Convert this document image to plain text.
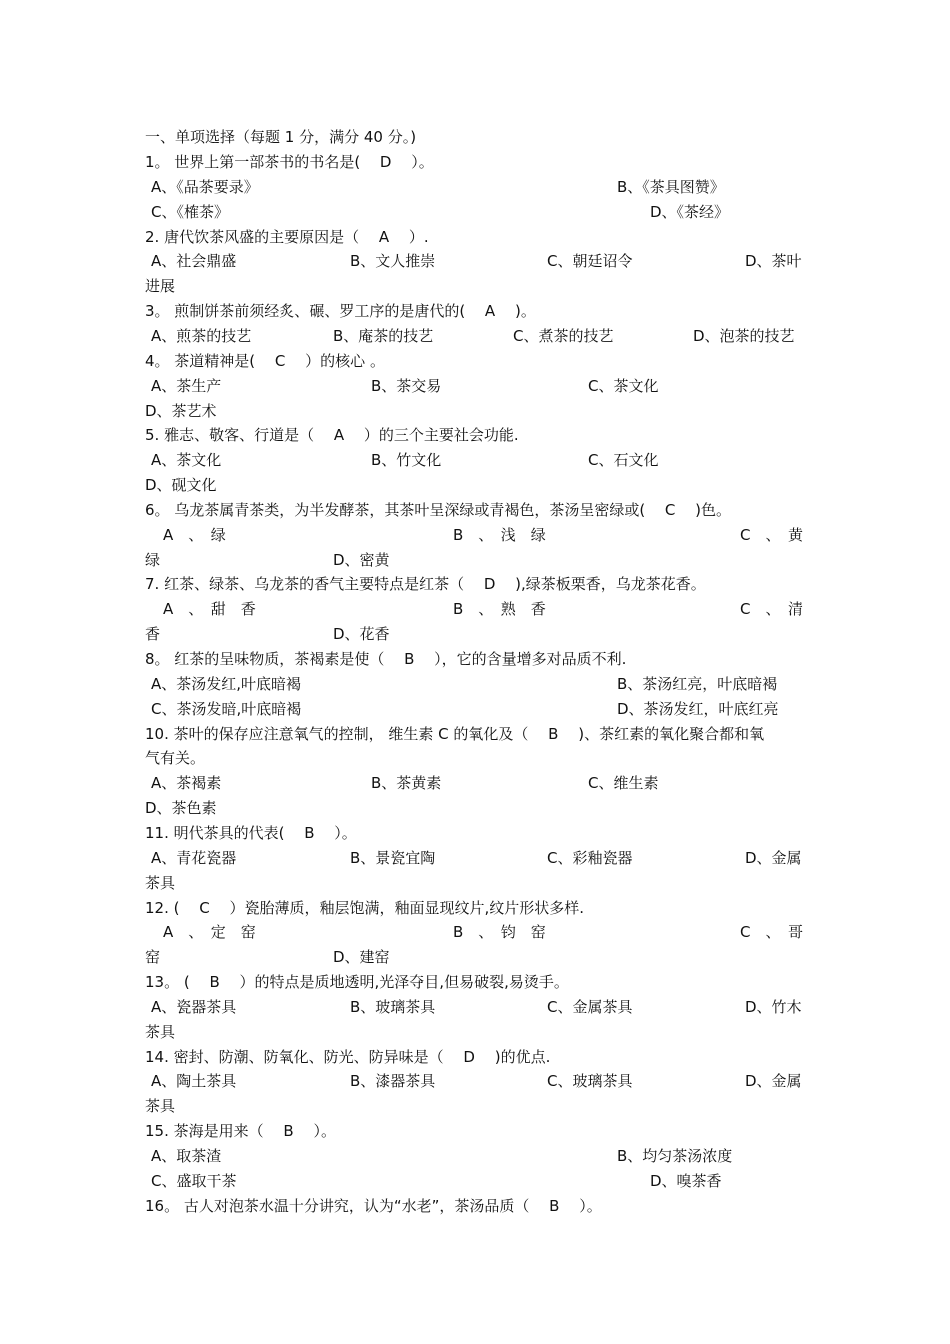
一、单项选择（每题 1 分，满分 40 分。)
1。 世界上第一部茶书的书名是(　 D　 ）。
A、《品茶要录》	B、《茶具图赞》
C、《榷茶》	D、《茶经》
2. 唐代饮茶风盛的主要原因是（　 A　 ）.
A、社会鼎盛	B、文人推崇	C、朝廷诏令	D、茶叶
进展
3。 煎制饼茶前须经炙、碾、罗工序的是唐代的(　 A　 )。
A、煎茶的技艺	B、庵茶的技艺	C、煮茶的技艺	D、泡茶的技艺
4。 茶道精神是(　 C　 ）的核心 。
A、茶生产	B、茶交易	C、茶文化
D、茶艺术
5. 雅志、敬客、行道是（　 A　 ）的三个主要社会功能.
A、茶文化	B、竹文化	C、石文化
D、砚文化
6。 乌龙茶属青茶类，为半发酵茶，其茶叶呈深绿或青褐色，茶汤呈密绿或(　 C　 )色。
A　、　绿	B　、　浅　绿	C　、　黄
绿	D、密黄
7. 红茶、绿茶、乌龙茶的香气主要特点是红茶（　 D　 ),绿茶板栗香，乌龙茶花香。
A　、　甜　香	B　、　熟　香	C　、　清
香	D、花香
8。 红茶的呈味物质，茶褐素是使（　 B　 ），它的含量增多对品质不利.
A、茶汤发红,叶底暗褐	B、茶汤红亮，叶底暗褐
C、茶汤发暗,叶底暗褐	D、茶汤发红，叶底红亮
10. 茶叶的保存应注意氧气的控制， 维生素 C 的氧化及（　 B　 )、茶红素的氧化聚合都和氧
气有关。
A、茶褐素	B、茶黄素	C、维生素
D、茶色素
11. 明代茶具的代表(　 B　 ）。
A、青花瓷器	B、景瓷宜陶	C、彩釉瓷器	D、金属
茶具
12. (　 C　 ）瓷胎薄质，釉层饱满，釉面显现纹片,纹片形状多样.
A　、　定　窑	B　、　钧　窑	C　、　哥
窑	D、建窑
13。 (　 B　 ）的特点是质地透明,光泽夺目,但易破裂,易烫手。
A、瓷器茶具	B、玻璃茶具	C、金属茶具	D、竹木
茶具
14. 密封、防潮、防氧化、防光、防异味是（　 D　 )的优点.
A、陶土茶具	B、漆器茶具	C、玻璃茶具	D、金属
茶具
15. 茶海是用来（　 B　 ）。
A、取茶渣	B、均匀茶汤浓度
C、盛取干茶	D、嗅茶香
16。 古人对泡茶水温十分讲究，认为“水老”，茶汤品质（　 B　 ）。
